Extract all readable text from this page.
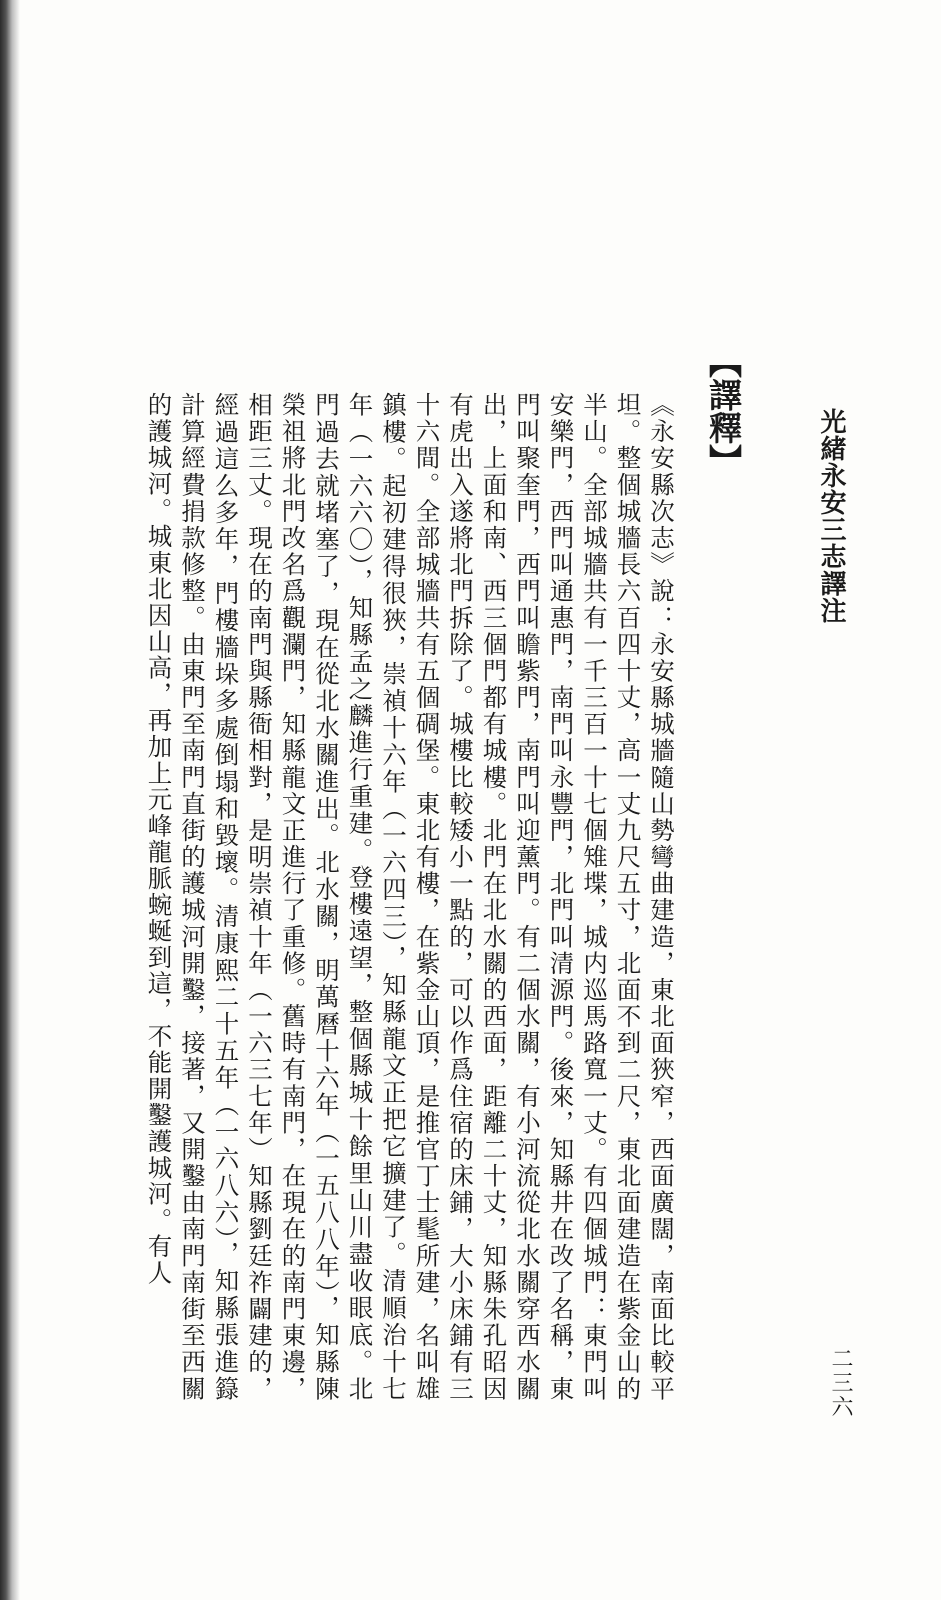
光緒永安三志譯注
【譯釋】

《永安縣次志》說：永安縣城牆隨山勢彎曲建造，東北面狹窄，西面廣闊，南面比較平坦。整個城牆長六百四十丈，高一丈九尺五寸，北面不到二尺，東北面建造在紫金山的半山。全部城牆共有一千三百一十七個雉堞，城内巡馬路寬一丈。有四個城門：東門叫安樂門，西門叫通惠門，南門叫永豐門，北門叫清源門。後來，知縣井在改了名稱，東門叫聚奎門，西門叫瞻紫門，南門叫迎薰門。有二個水關，有小河流從北水關穿西水關出，上面和南、西三個門都有城樓。北門在北水關的西面，距離二十丈，知縣朱孔昭因有虎出入遂將北門拆除了。城樓比較矮小一點的，可以作爲住宿的床鋪，大小床鋪有三十六間。全部城牆共有五個碉堡。東北有樓，在紫金山頂，是推官丁士髦所建，名叫雄鎮樓。起初建得很狹，崇禎十六年（一六四三），知縣龍文正把它擴建了。清順治十七年（一六六〇），知縣孟之麟進行重建。登樓遠望，整個縣城十餘里山川盡收眼底。北門過去就堵塞了，現在從北水關進出。北水關，明萬曆十六年（一五八八年），知縣陳榮祖將北門改名爲觀瀾門，知縣龍文正進行了重修。舊時有南門，在現在的南門東邊，相距三丈。現在的南門與縣衙相對，是明崇禎十年（一六三七年）知縣劉廷祚闢建的，經過這么多年，門樓牆垛多處倒塌和毀壞。清康熙二十五年（一六八六），知縣張進籙計算經費捐款修整。由東門至南門直街的護城河開鑿，接著，又開鑿由南門南街至西關的護城河。城東北因山高，再加上元峰龍脈蜿蜒到這，不能開鑿護城河。有人

二三六
